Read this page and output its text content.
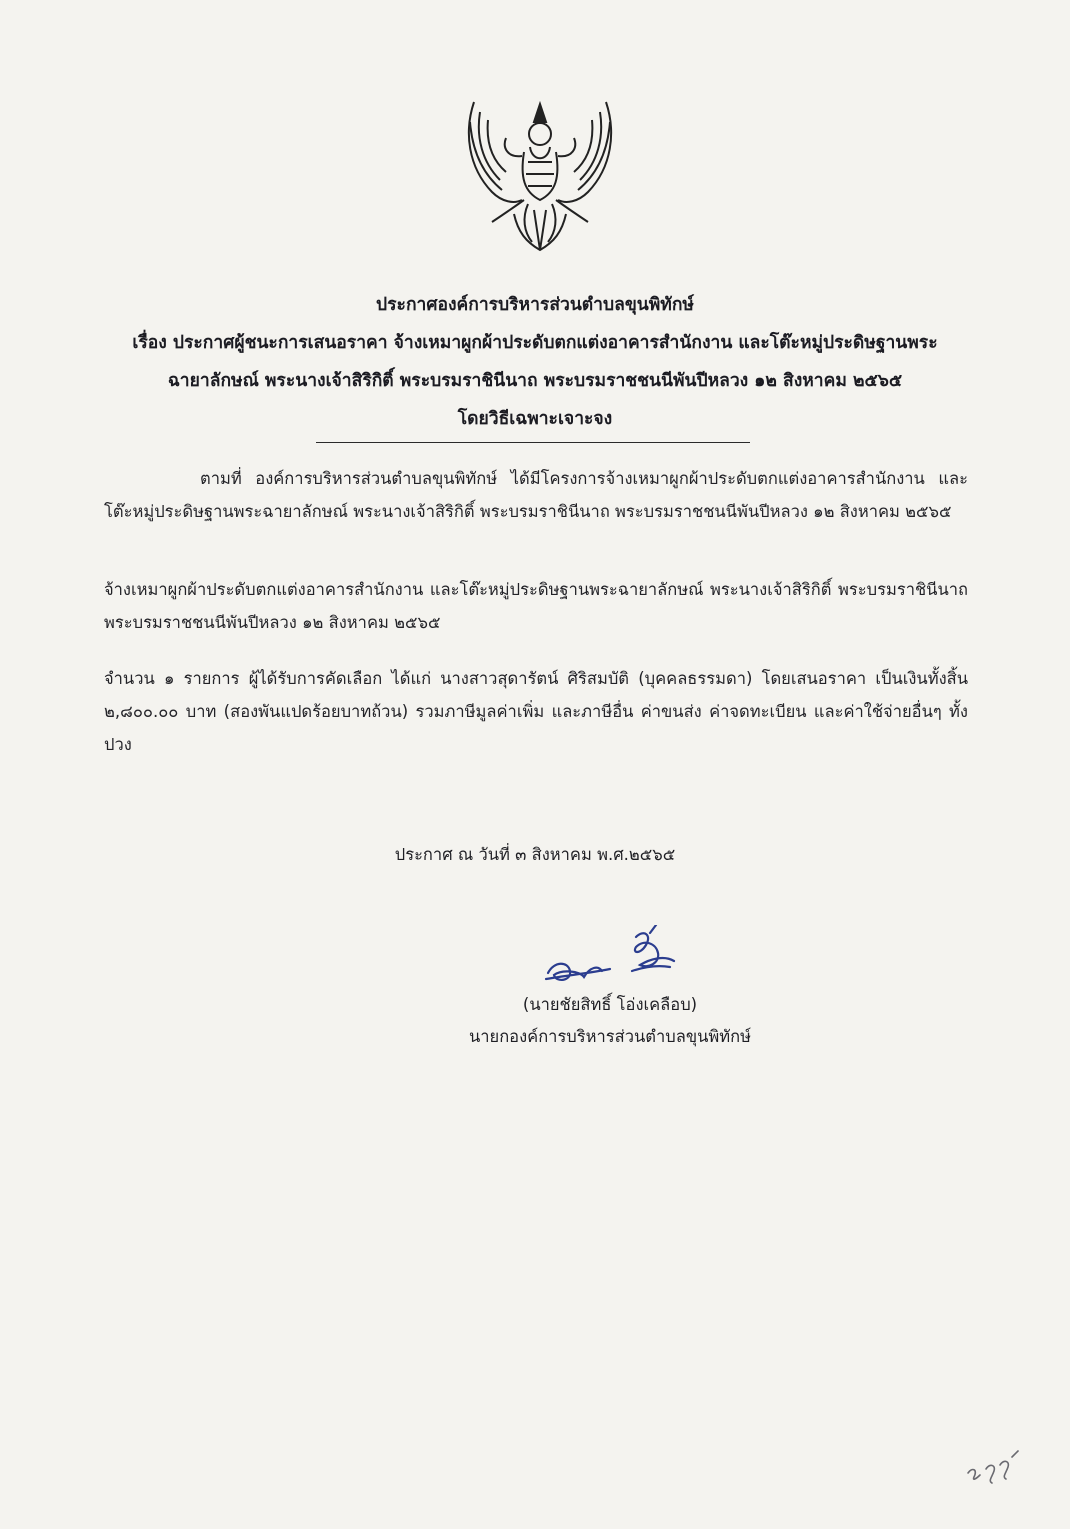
ประกาศองค์การบริหารส่วนตำบลขุนพิทักษ์
เรื่อง ประกาศผู้ชนะการเสนอราคา จ้างเหมาผูกผ้าประดับตกแต่งอาคารสำนักงาน และโต๊ะหมู่ประดิษฐานพระ
ฉายาลักษณ์ พระนางเจ้าสิริกิติ์ พระบรมราชินีนาถ พระบรมราชชนนีพันปีหลวง ๑๒ สิงหาคม ๒๕๖๕
โดยวิธีเฉพาะเจาะจง
ตามที่ องค์การบริหารส่วนตำบลขุนพิทักษ์ ได้มีโครงการจ้างเหมาผูกผ้าประดับตกแต่งอาคารสำนักงาน และโต๊ะหมู่ประดิษฐานพระฉายาลักษณ์ พระนางเจ้าสิริกิติ์ พระบรมราชินีนาถ พระบรมราชชนนีพันปีหลวง ๑๒ สิงหาคม ๒๕๖๕
จ้างเหมาผูกผ้าประดับตกแต่งอาคารสำนักงาน และโต๊ะหมู่ประดิษฐานพระฉายาลักษณ์ พระนางเจ้าสิริกิติ์ พระบรมราชินีนาถ พระบรมราชชนนีพันปีหลวง ๑๒ สิงหาคม ๒๕๖๕
จำนวน ๑ รายการ ผู้ได้รับการคัดเลือก ได้แก่ นางสาวสุดารัตน์ ศิริสมบัติ (บุคคลธรรมดา) โดยเสนอราคา เป็นเงินทั้งสิ้น ๒,๘๐๐.๐๐ บาท (สองพันแปดร้อยบาทถ้วน) รวมภาษีมูลค่าเพิ่ม และภาษีอื่น ค่าขนส่ง ค่าจดทะเบียน และค่าใช้จ่ายอื่นๆ ทั้งปวง
ประกาศ ณ วันที่ ๓ สิงหาคม พ.ศ.๒๕๖๕
(นายชัยสิทธิ์ โอ่งเคลือบ)
นายกองค์การบริหารส่วนตำบลขุนพิทักษ์
